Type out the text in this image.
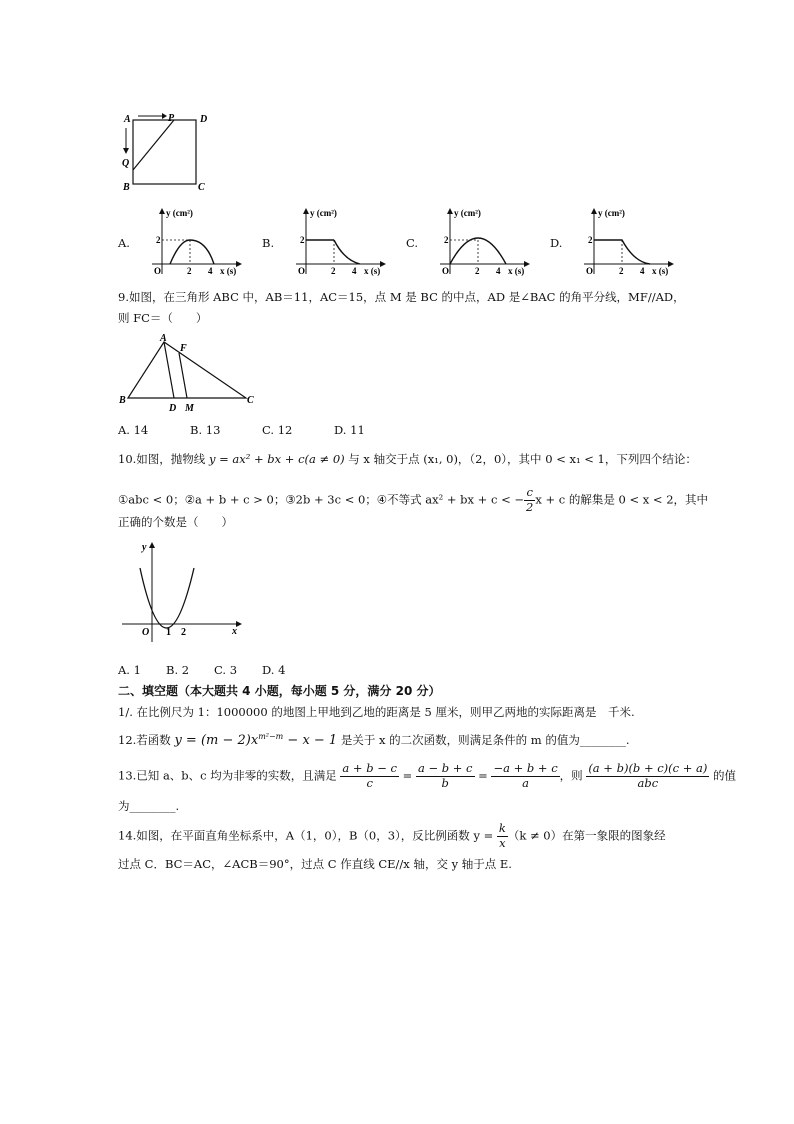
A	P	D
Q
B	C
A.
y (cm²)
2
O	2 4 x (s)
B.
y (cm²)
2
O	2 4 x (s)
C.
y (cm²)
2
O	2 4 x (s)
D.
y (cm²)
2
O	2 4 x (s)
9.如图，在三角形 ABC 中，AB＝11，AC＝15，点 M 是 BC 的中点，AD 是∠BAC 的角平分线，MF//AD，
则 FC＝（　　）
A
F
B
D M
C
A. 14	B. 13	C. 12	D. 11
10.如图，抛物线 y = ax² + bx + c(a ≠ 0) 与 x 轴交于点 (x₁, 0)，（2，0），其中 0 < x₁ < 1，下列四个结论：
①abc < 0；②a + b + c > 0；③2b + 3c < 0；④不等式 ax² + bx + c < − $\frac{c}{2}$ x + c 的解集是 0 < x < 2，其中
正确的个数是（　　）
y
x
O 1 2
A. 1 B. 2 C. 3 D. 4
二、填空题（本大题共 4 小题，每小题 5 分，满分 20 分）
1/. 在比例尺为 1：1000000 的地图上甲地到乙地的距离是 5 厘米，则甲乙两地的实际距离是　千米.
12.若函数 $y = (m - 2)x^{m^2-m} - x - 1$ 是关于 x 的二次函数，则满足条件的 m 的值为________.
13.已知 a、b、c 均为非零的实数，且满足 $\frac{a + b - c}{c} = \frac{a - b + c}{b} = \frac{-a + b + c}{a}$ ，则 $\frac{(a + b)(b + c)(c + a)}{\text{abc}}$ 的值
为________.
14.如图，在平面直角坐标系中，A（1，0），B（0，3），反比例函数 $y = \frac{k}{x} (k \ne 0)$在第一象限的图象经
过点 C．BC＝AC，∠ACB＝90°，过点 C 作直线 CE//x 轴，交 y 轴于点 E.
